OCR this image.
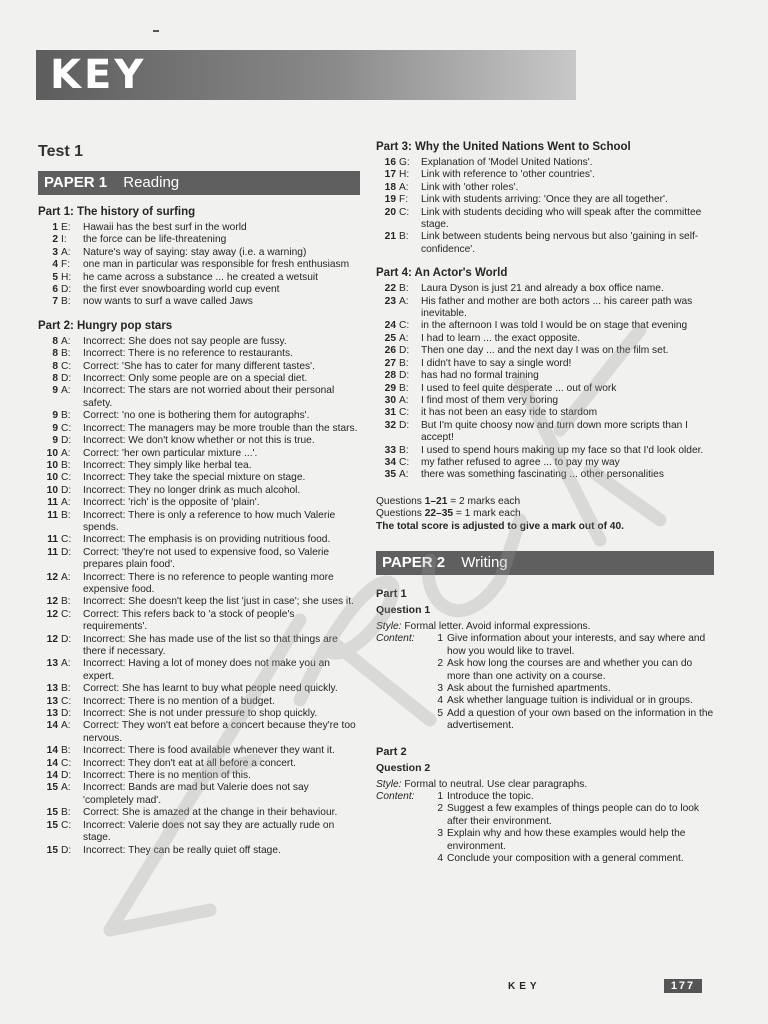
KEY
Test 1
PAPER 1 Reading
Part 1: The history of surfing
1 E:	Hawaii has the best surf in the world
2 I:	the force can be life-threatening
3 A:	Nature's way of saying: stay away (i.e. a warning)
4 F:	one man in particular was responsible for fresh enthusiasm
5 H:	he came across a substance ... he created a wetsuit
6 D:	the first ever snowboarding world cup event
7 B:	now wants to surf a wave called Jaws
Part 2: Hungry pop stars
8 A:	Incorrect: She does not say people are fussy.
8 B:	Incorrect: There is no reference to restaurants.
8 C:	Correct: 'She has to cater for many different tastes'.
8 D:	Incorrect: Only some people are on a special diet.
9 A:	Incorrect: The stars are not worried about their personal safety.
9 B:	Correct: 'no one is bothering them for autographs'.
9 C:	Incorrect: The managers may be more trouble than the stars.
9 D:	Incorrect: We don't know whether or not this is true.
10 A:	Correct: 'her own particular mixture ...'.
10 B:	Incorrect: They simply like herbal tea.
10 C:	Incorrect: They take the special mixture on stage.
10 D:	Incorrect: They no longer drink as much alcohol.
11 A:	Incorrect: 'rich' is the opposite of 'plain'.
11 B:	Incorrect: There is only a reference to how much Valerie spends.
11 C:	Incorrect: The emphasis is on providing nutritious food.
11 D:	Correct: 'they're not used to expensive food, so Valerie prepares plain food'.
12 A:	Incorrect: There is no reference to people wanting more expensive food.
12 B:	Incorrect: She doesn't keep the list 'just in case'; she uses it.
12 C:	Correct: This refers back to 'a stock of people's requirements'.
12 D:	Incorrect: She has made use of the list so that things are there if necessary.
13 A:	Incorrect: Having a lot of money does not make you an expert.
13 B:	Correct: She has learnt to buy what people need quickly.
13 C:	Incorrect: There is no mention of a budget.
13 D:	Incorrect: She is not under pressure to shop quickly.
14 A:	Correct: They won't eat before a concert because they're too nervous.
14 B:	Incorrect: There is food available whenever they want it.
14 C:	Incorrect: They don't eat at all before a concert.
14 D:	Incorrect: There is no mention of this.
15 A:	Incorrect: Bands are mad but Valerie does not say 'completely mad'.
15 B:	Correct: She is amazed at the change in their behaviour.
15 C:	Incorrect: Valerie does not say they are actually rude on stage.
15 D:	Incorrect: They can be really quiet off stage.
Part 3: Why the United Nations Went to School
16 G:	Explanation of 'Model United Nations'.
17 H:	Link with reference to 'other countries'.
18 A:	Link with 'other roles'.
19 F:	Link with students arriving: 'Once they are all together'.
20 C:	Link with students deciding who will speak after the committee stage.
21 B:	Link between students being nervous but also 'gaining in self-confidence'.
Part 4: An Actor's World
22 B:	Laura Dyson is just 21 and already a box office name.
23 A:	His father and mother are both actors ... his career path was inevitable.
24 C:	in the afternoon I was told I would be on stage that evening
25 A:	I had to learn ... the exact opposite.
26 D:	Then one day ... and the next day I was on the film set.
27 B:	I didn't have to say a single word!
28 D:	has had no formal training
29 B:	I used to feel quite desperate ... out of work
30 A:	I find most of them very boring
31 C:	it has not been an easy ride to stardom
32 D:	But I'm quite choosy now and turn down more scripts than I accept!
33 B:	I used to spend hours making up my face so that I'd look older.
34 C:	my father refused to agree ... to pay my way
35 A:	there was something fascinating ... other personalities
Questions 1–21 = 2 marks each
Questions 22–35 = 1 mark each
The total score is adjusted to give a mark out of 40.
PAPER 2 Writing
Part 1
Question 1
Style: Formal letter. Avoid informal expressions.
Content:	1 Give information about your interests, and say where and how you would like to travel.
2 Ask how long the courses are and whether you can do more than one activity on a course.
3 Ask about the furnished apartments.
4 Ask whether language tuition is individual or in groups.
5 Add a question of your own based on the information in the advertisement.
Part 2
Question 2
Style: Formal to neutral. Use clear paragraphs.
Content:	1 Introduce the topic.
2 Suggest a few examples of things people can do to look after their environment.
3 Explain why and how these examples would help the environment.
4 Conclude your composition with a general comment.
KEY	177
